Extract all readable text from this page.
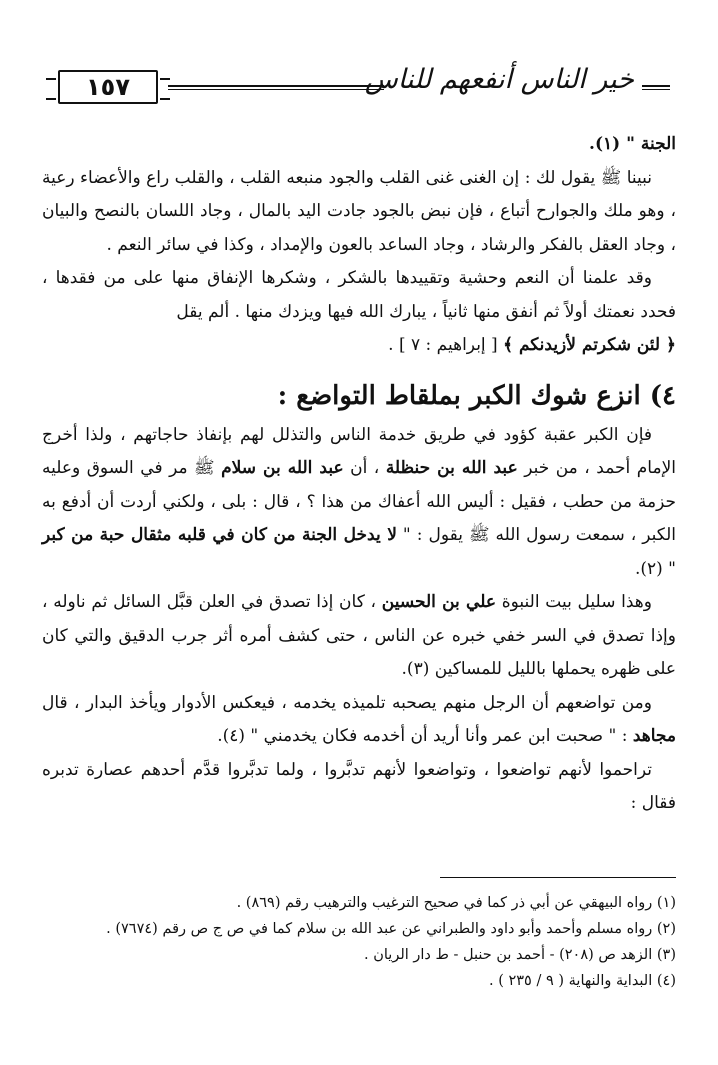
١٥٧	خير الناس أنفعهم للناس

الجنة " (١).

نبينا ﷺ يقول لك : إن الغنى غنى القلب والجود منبعه القلب ، والقلب راع والأعضاء رعية ، وهو ملك والجوارح أتباع ، فإن نبض بالجود جادت اليد بالمال ، وجاد اللسان بالنصح والبيان ، وجاد العقل بالفكر والرشاد ، وجاد الساعد بالعون والإمداد ، وكذا في سائر النعم .

وقد علمنا أن النعم وحشية وتقييدها بالشكر ، وشكرها الإنفاق منها على من فقدها ، فحدد نعمتك أولاً ثم أنفق منها ثانياً ، يبارك الله فيها ويزدك منها . ألم يقل

﴿ لئن شكرتم لأزيدنكم ﴾ [ إبراهيم : ٧ ] .

٤) انزع شوك الكبر بملقاط التواضع :

فإن الكبر عقبة كؤود في طريق خدمة الناس والتذلل لهم بإنفاذ حاجاتهم ، ولذا أخرج الإمام أحمد ، من خبر عبد الله بن حنظلة ، أن عبد الله بن سلام ﷺ مر في السوق وعليه حزمة من حطب ، فقيل : أليس الله أعفاك من هذا ؟ ، قال : بلى ، ولكني أردت أن أدفع به الكبر ، سمعت رسول الله ﷺ يقول : " لا يدخل الجنة من كان في قلبه مثقال حبة من كبر " (٢).

وهذا سليل بيت النبوة علي بن الحسين ، كان إذا تصدق في العلن قبَّل السائل ثم ناوله ، وإذا تصدق في السر خفي خبره عن الناس ، حتى كشف أمره أثر جرب الدقيق والتي كان على ظهره يحملها بالليل للمساكين (٣).

ومن تواضعهم أن الرجل منهم يصحبه تلميذه يخدمه ، فيعكس الأدوار ويأخذ البدار ، قال مجاهد : " صحبت ابن عمر وأنا أريد أن أخدمه فكان يخدمني " (٤).

تراحموا لأنهم تواضعوا ، وتواضعوا لأنهم تدبَّروا ، ولما تدبَّروا قدَّم أحدهم عصارة تدبره فقال :

(١) رواه البيهقي عن أبي ذر كما في صحيح الترغيب والترهيب رقم (٨٦٩) .

(٢) رواه مسلم وأحمد وأبو داود والطبراني عن عبد الله بن سلام كما في ص ج ص رقم (٧٦٧٤) .

(٣) الزهد ص (٢٠٨) - أحمد بن حنبل - ط دار الريان .

(٤) البداية والنهاية ( ٩ / ٢٣٥ ) .
